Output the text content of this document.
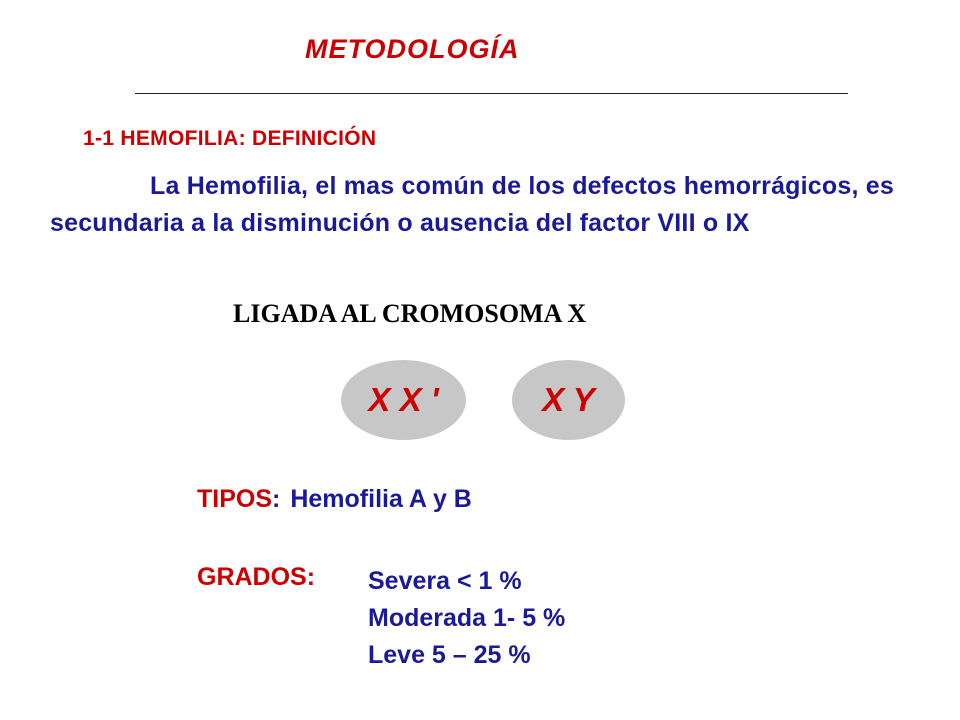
METODOLOGÍA
1-1 HEMOFILIA: DEFINICIÓN
La Hemofilia, el mas común de los defectos hemorrágicos, es secundaria a la disminución o ausencia del factor VIII o IX
LIGADA AL CROMOSOMA X
X X '	X Y
TIPOS: Hemofilia A y B
GRADOS: Severa < 1 %
Moderada 1- 5 %
Leve 5 – 25 %
